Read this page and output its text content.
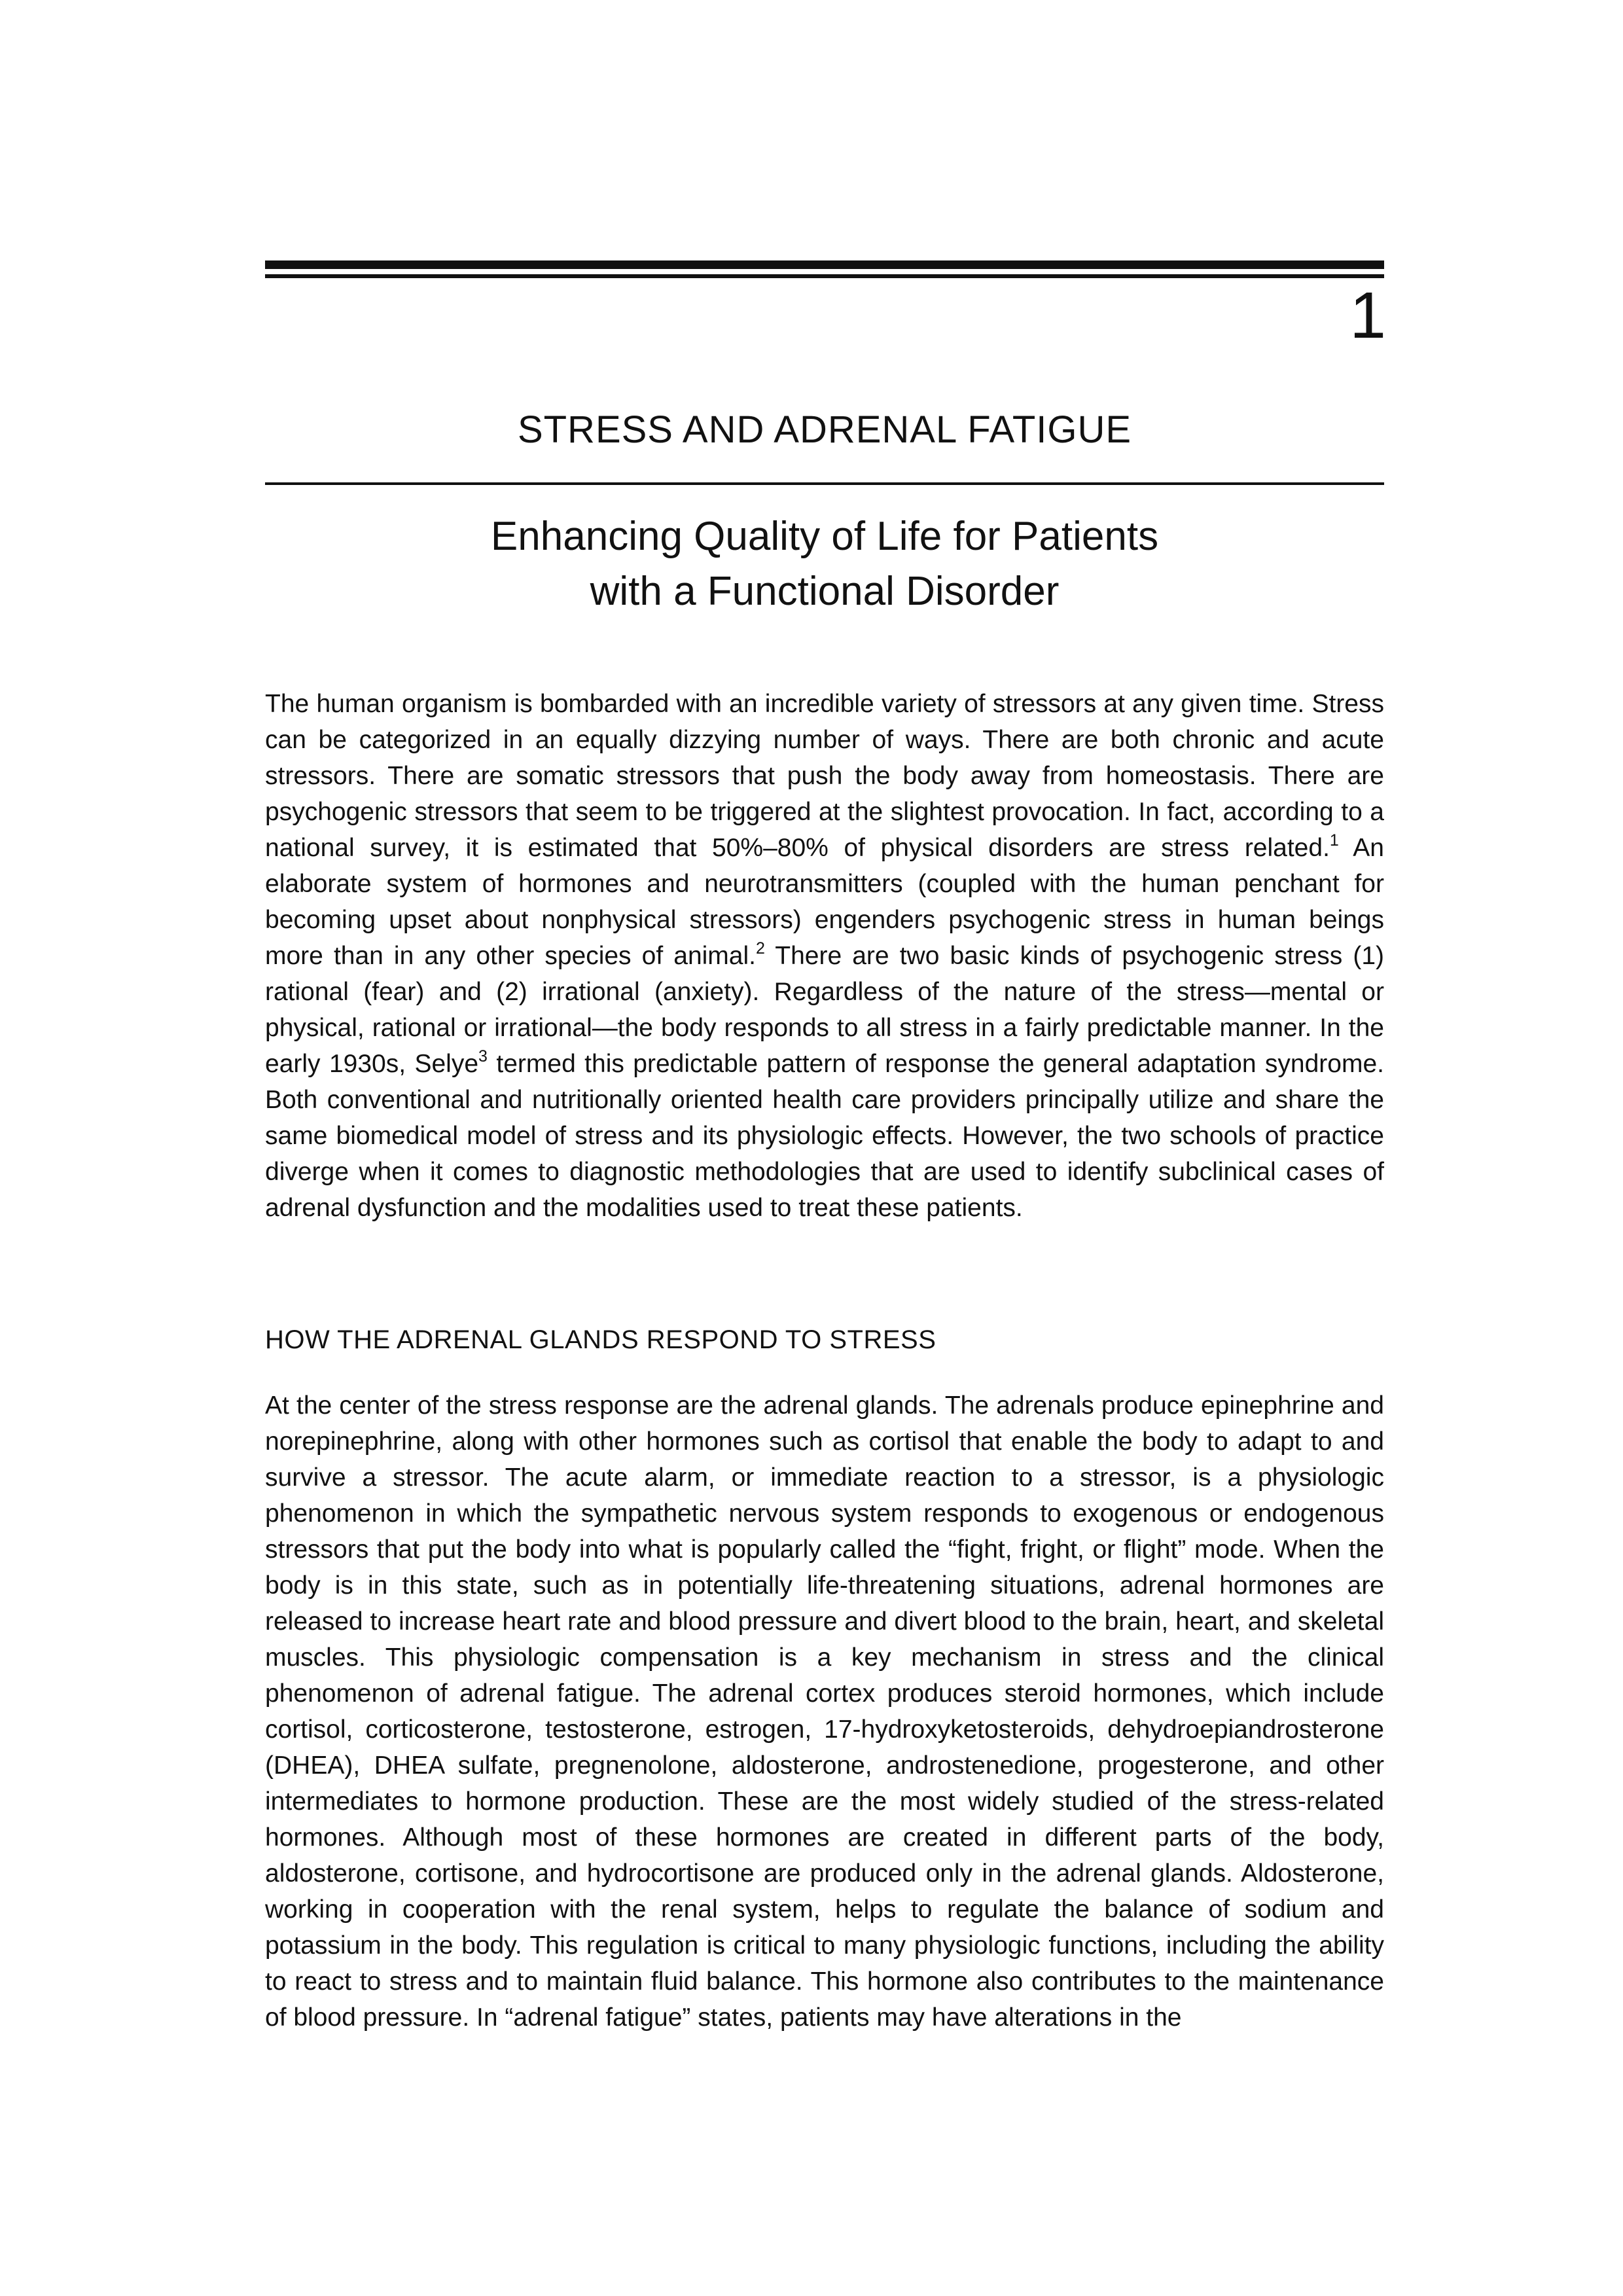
1
STRESS AND ADRENAL FATIGUE
Enhancing Quality of Life for Patients
with a Functional Disorder

The human organism is bombarded with an incredible variety of stressors at any given time. Stress can be categorized in an equally dizzying number of ways. There are both chronic and acute stressors. There are somatic stressors that push the body away from homeostasis. There are psychogenic stressors that seem to be triggered at the slightest provocation. In fact, according to a national survey, it is estimated that 50%–80% of physical disorders are stress related.$^1$ An elaborate system of hormones and neurotransmitters (coupled with the human penchant for becoming upset about nonphysical stressors) engenders psychogenic stress in human beings more than in any other species of animal.$^2$ There are two basic kinds of psychogenic stress (1) rational (fear) and (2) irrational (anxiety). Regardless of the nature of the stress—mental or physical, rational or irrational—the body responds to all stress in a fairly predictable manner. In the early 1930s, Selye$^3$ termed this predictable pattern of response the general adaptation syndrome. Both conventional and nutritionally oriented health care providers principally utilize and share the same biomedical model of stress and its physiologic effects. However, the two schools of practice diverge when it comes to diagnostic methodologies that are used to identify subclinical cases of adrenal dysfunction and the modalities used to treat these patients.

HOW THE ADRENAL GLANDS RESPOND TO STRESS

At the center of the stress response are the adrenal glands. The adrenals produce epinephrine and norepinephrine, along with other hormones such as cortisol that enable the body to adapt to and survive a stressor. The acute alarm, or immediate reaction to a stressor, is a physiologic phenomenon in which the sympathetic nervous system responds to exogenous or endogenous stressors that put the body into what is popularly called the “fight, fright, or flight” mode. When the body is in this state, such as in potentially life-threatening situations, adrenal hormones are released to increase heart rate and blood pressure and divert blood to the brain, heart, and skeletal muscles. This physiologic compensation is a key mechanism in stress and the clinical phenomenon of adrenal fatigue. The adrenal cortex produces steroid hormones, which include cortisol, corticosterone, testosterone, estrogen, 17-hydroxyketosteroids, dehydroepiandrosterone (DHEA), DHEA sulfate, pregnenolone, aldosterone, androstenedione, progesterone, and other intermediates to hormone production. These are the most widely studied of the stress-related hormones. Although most of these hormones are created in different parts of the body, aldosterone, cortisone, and hydrocortisone are produced only in the adrenal glands. Aldosterone, working in cooperation with the renal system, helps to regulate the balance of sodium and potassium in the body. This regulation is critical to many physiologic functions, including the ability to react to stress and to maintain fluid balance. This hormone also contributes to the maintenance of blood pressure. In “adrenal fatigue” states, patients may have alterations in the
